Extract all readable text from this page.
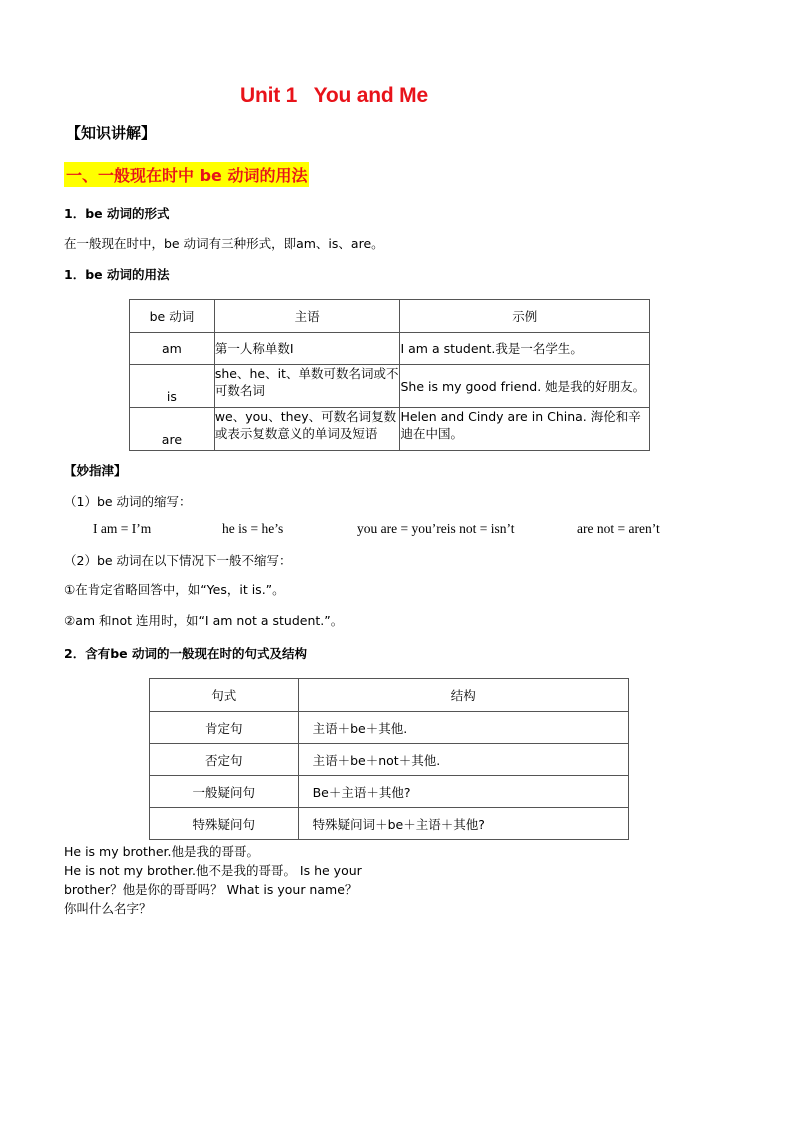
Unit 1   You and Me
【知识讲解】
一、一般现在时中 be 动词的用法
1．be 动词的形式
在一般现在时中，be 动词有三种形式，即am、is、are。
1．be 动词的用法
be 动词	主语	示例
am	第一人称单数I	I am a student.我是一名学生。
is	she、he、it、单数可数名词或不可数名词	She is my good friend. 她是我的好朋友。
are	we、you、they、可数名词复数或表示复数意义的单词及短语	Helen and Cindy are in China. 海伦和辛迪在中国。
【妙指津】
（1）be 动词的缩写：
I am = I’m	he is = he’s	you are = you’reis not = isn’t	are not = aren’t
（2）be 动词在以下情况下一般不缩写：
①在肯定省略回答中，如“Yes，it is.”。
②am 和not 连用时，如“I am not a student.”。
2．含有be 动词的一般现在时的句式及结构
句式	结构
肯定句	主语＋be＋其他.
否定句	主语＋be＋not＋其他.
一般疑问句	Be＋主语＋其他?
特殊疑问句	特殊疑问词＋be＋主语＋其他?
He is my brother.他是我的哥哥。
He is not my brother.他不是我的哥哥。 Is he your
brother？他是你的哥哥吗？ What is your name？
你叫什么名字？
